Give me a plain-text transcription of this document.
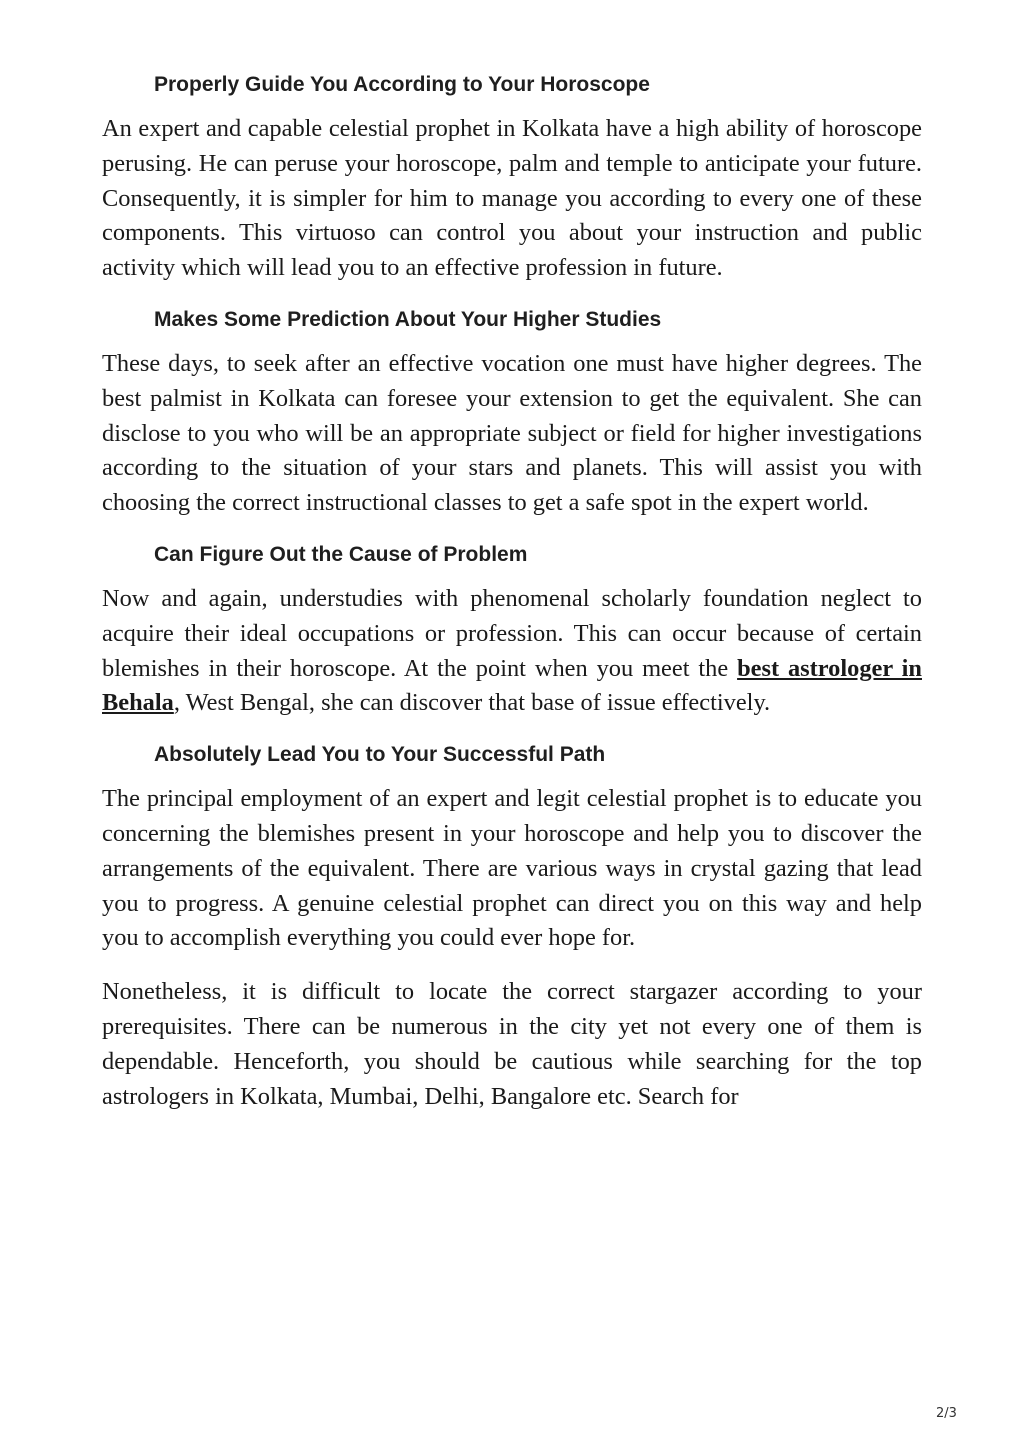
Properly Guide You According to Your Horoscope

An expert and capable celestial prophet in Kolkata have a high ability of horoscope perusing. He can peruse your horoscope, palm and temple to anticipate your future. Consequently, it is simpler for him to manage you according to every one of these components. This virtuoso can control you about your instruction and public activity which will lead you to an effective profession in future.

Makes Some Prediction About Your Higher Studies

These days, to seek after an effective vocation one must have higher degrees. The best palmist in Kolkata can foresee your extension to get the equivalent. She can disclose to you who will be an appropriate subject or field for higher investigations according to the situation of your stars and planets. This will assist you with choosing the correct instructional classes to get a safe spot in the expert world.

Can Figure Out the Cause of Problem

Now and again, understudies with phenomenal scholarly foundation neglect to acquire their ideal occupations or profession. This can occur because of certain blemishes in their horoscope. At the point when you meet the best astrologer in Behala, West Bengal, she can discover that base of issue effectively.

Absolutely Lead You to Your Successful Path

The principal employment of an expert and legit celestial prophet is to educate you concerning the blemishes present in your horoscope and help you to discover the arrangements of the equivalent. There are various ways in crystal gazing that lead you to progress. A genuine celestial prophet can direct you on this way and help you to accomplish everything you could ever hope for.

Nonetheless, it is difficult to locate the correct stargazer according to your prerequisites. There can be numerous in the city yet not every one of them is dependable. Henceforth, you should be cautious while searching for the top astrologers in Kolkata, Mumbai, Delhi, Bangalore etc. Search for

2/3
